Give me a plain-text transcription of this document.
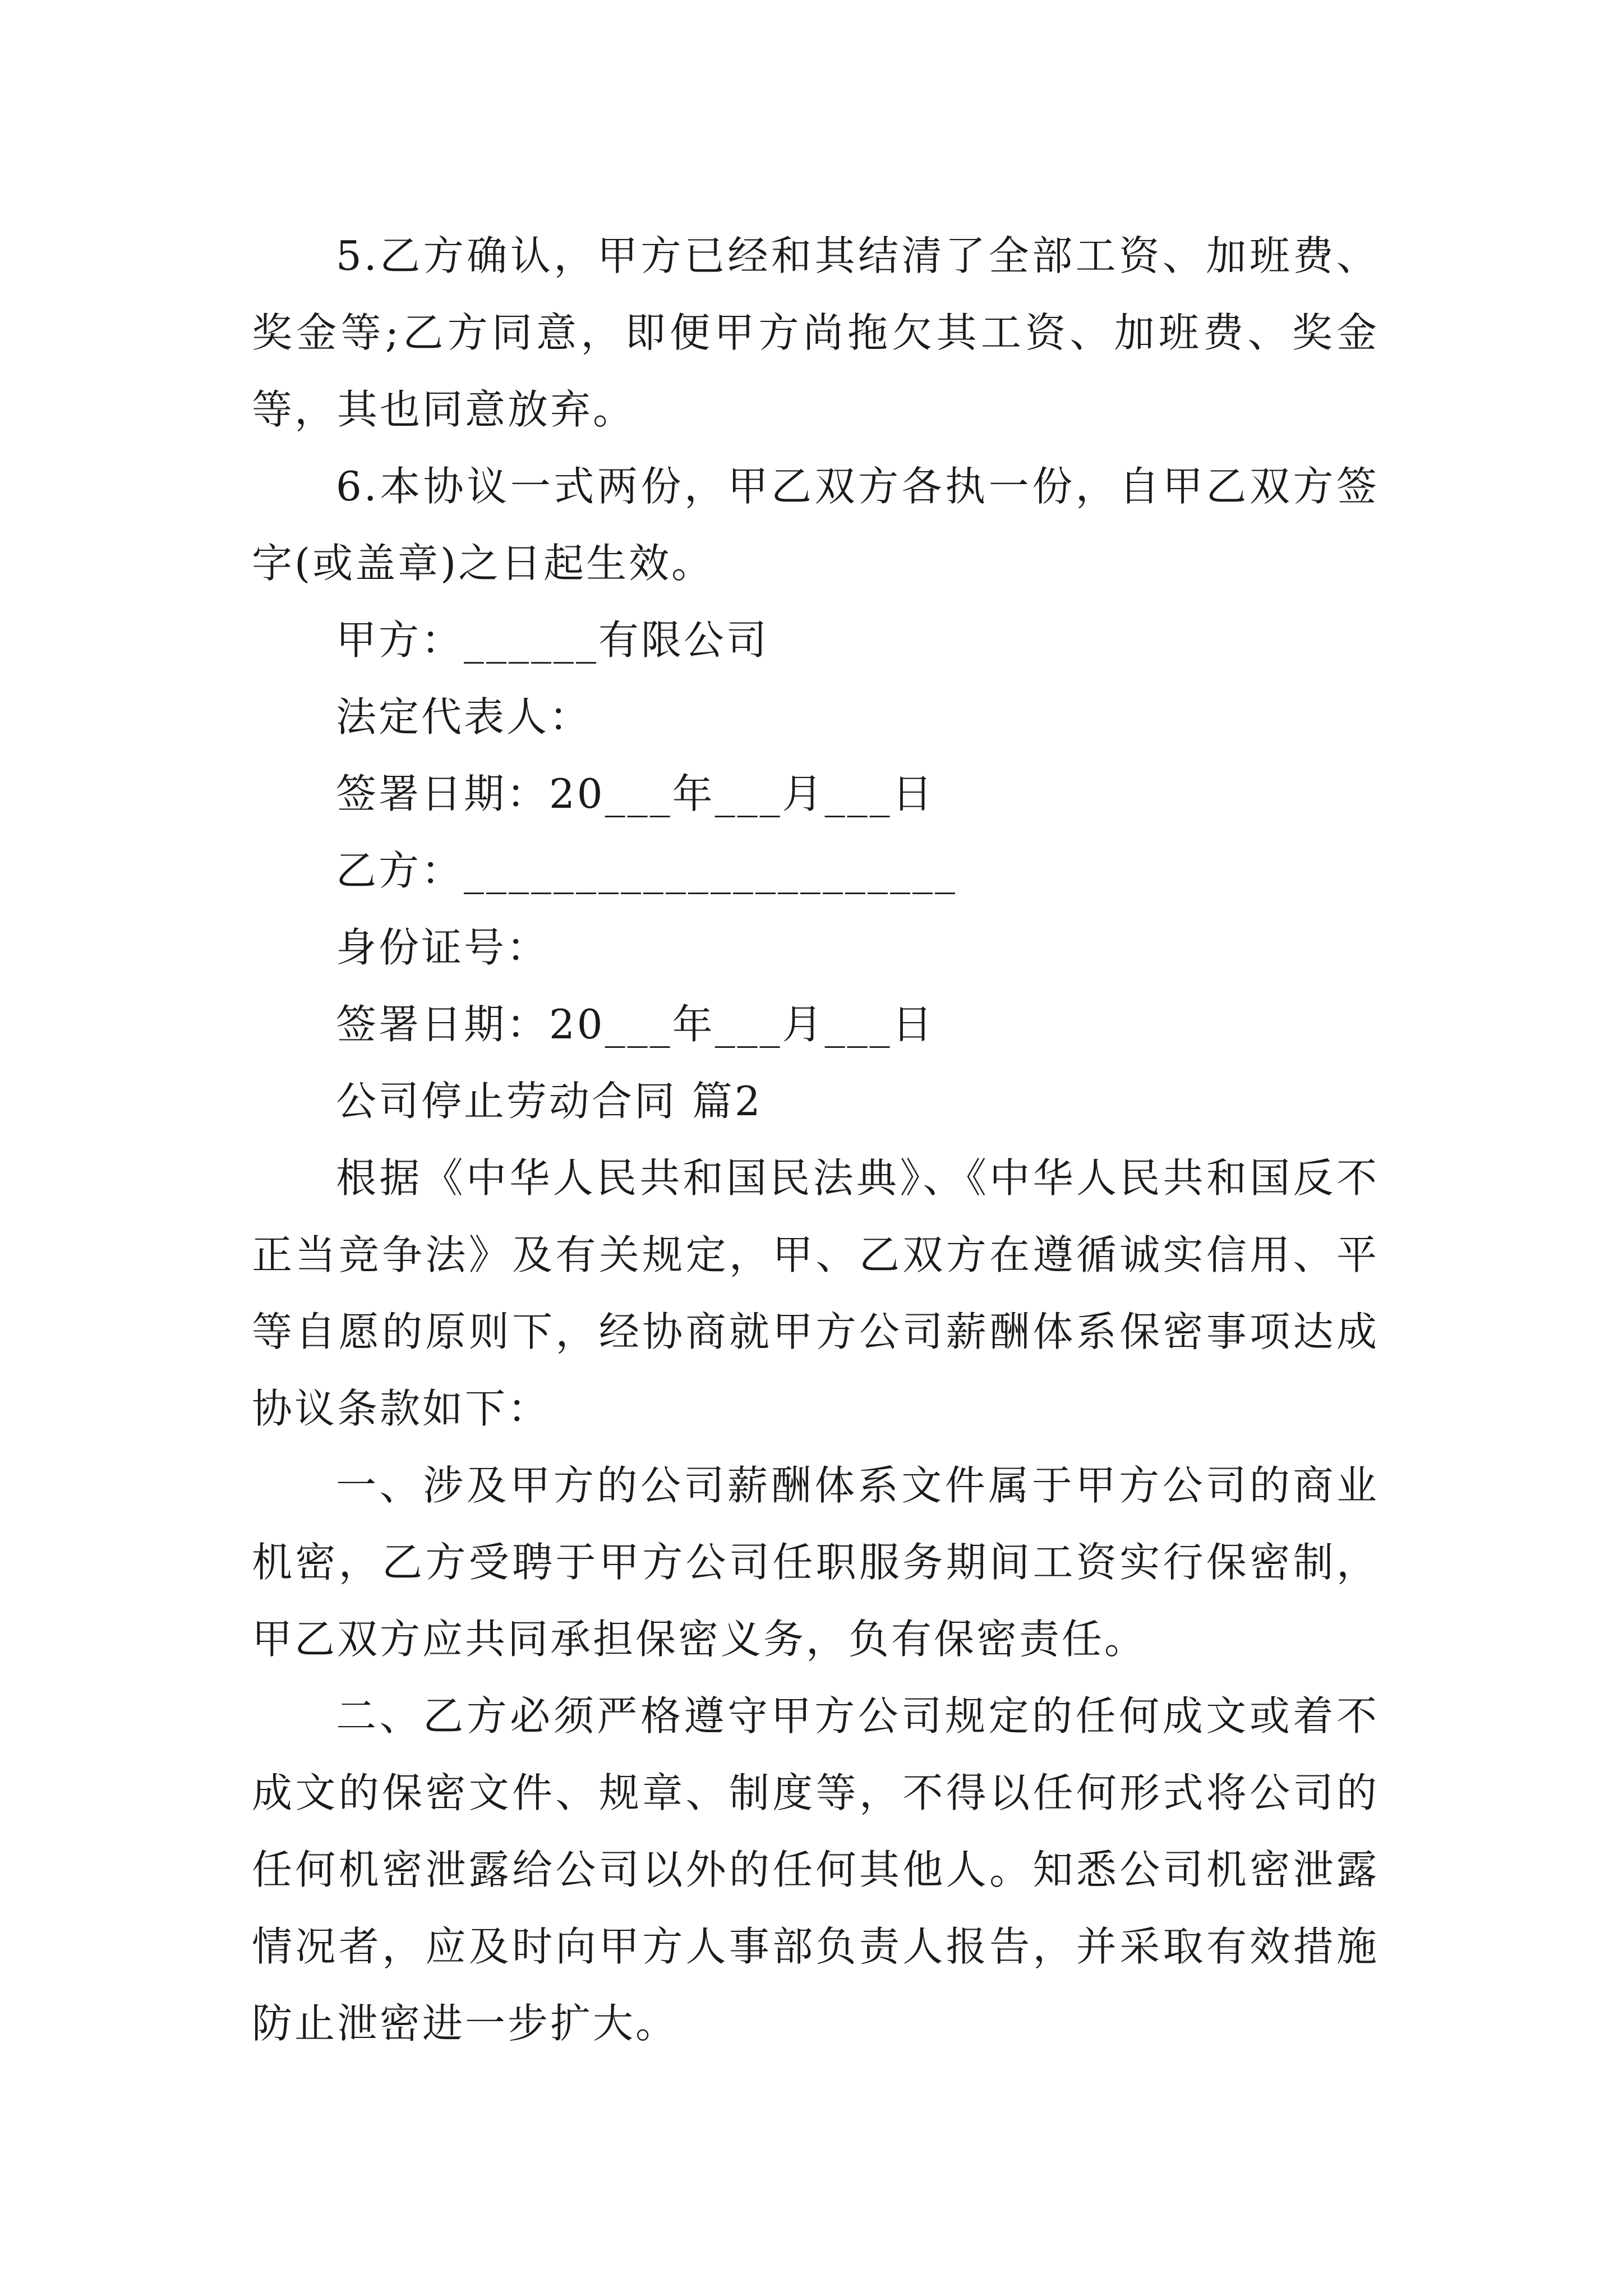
5.乙方确认，甲方已经和其结清了全部工资、加班费、奖金等;乙方同意，即便甲方尚拖欠其工资、加班费、奖金等，其也同意放弃。

6.本协议一式两份，甲乙双方各执一份，自甲乙双方签字(或盖章)之日起生效。

甲方：______有限公司

法定代表人：

签署日期：20___年___月___日

乙方：______________________

身份证号：

签署日期：20___年___月___日

公司停止劳动合同 篇2

根据《中华人民共和国民法典》、《中华人民共和国反不正当竞争法》及有关规定，甲、乙双方在遵循诚实信用、平等自愿的原则下，经协商就甲方公司薪酬体系保密事项达成协议条款如下：

一、涉及甲方的公司薪酬体系文件属于甲方公司的商业机密，乙方受聘于甲方公司任职服务期间工资实行保密制，甲乙双方应共同承担保密义务，负有保密责任。

二、乙方必须严格遵守甲方公司规定的任何成文或着不成文的保密文件、规章、制度等，不得以任何形式将公司的任何机密泄露给公司以外的任何其他人。知悉公司机密泄露情况者，应及时向甲方人事部负责人报告，并采取有效措施防止泄密进一步扩大。
